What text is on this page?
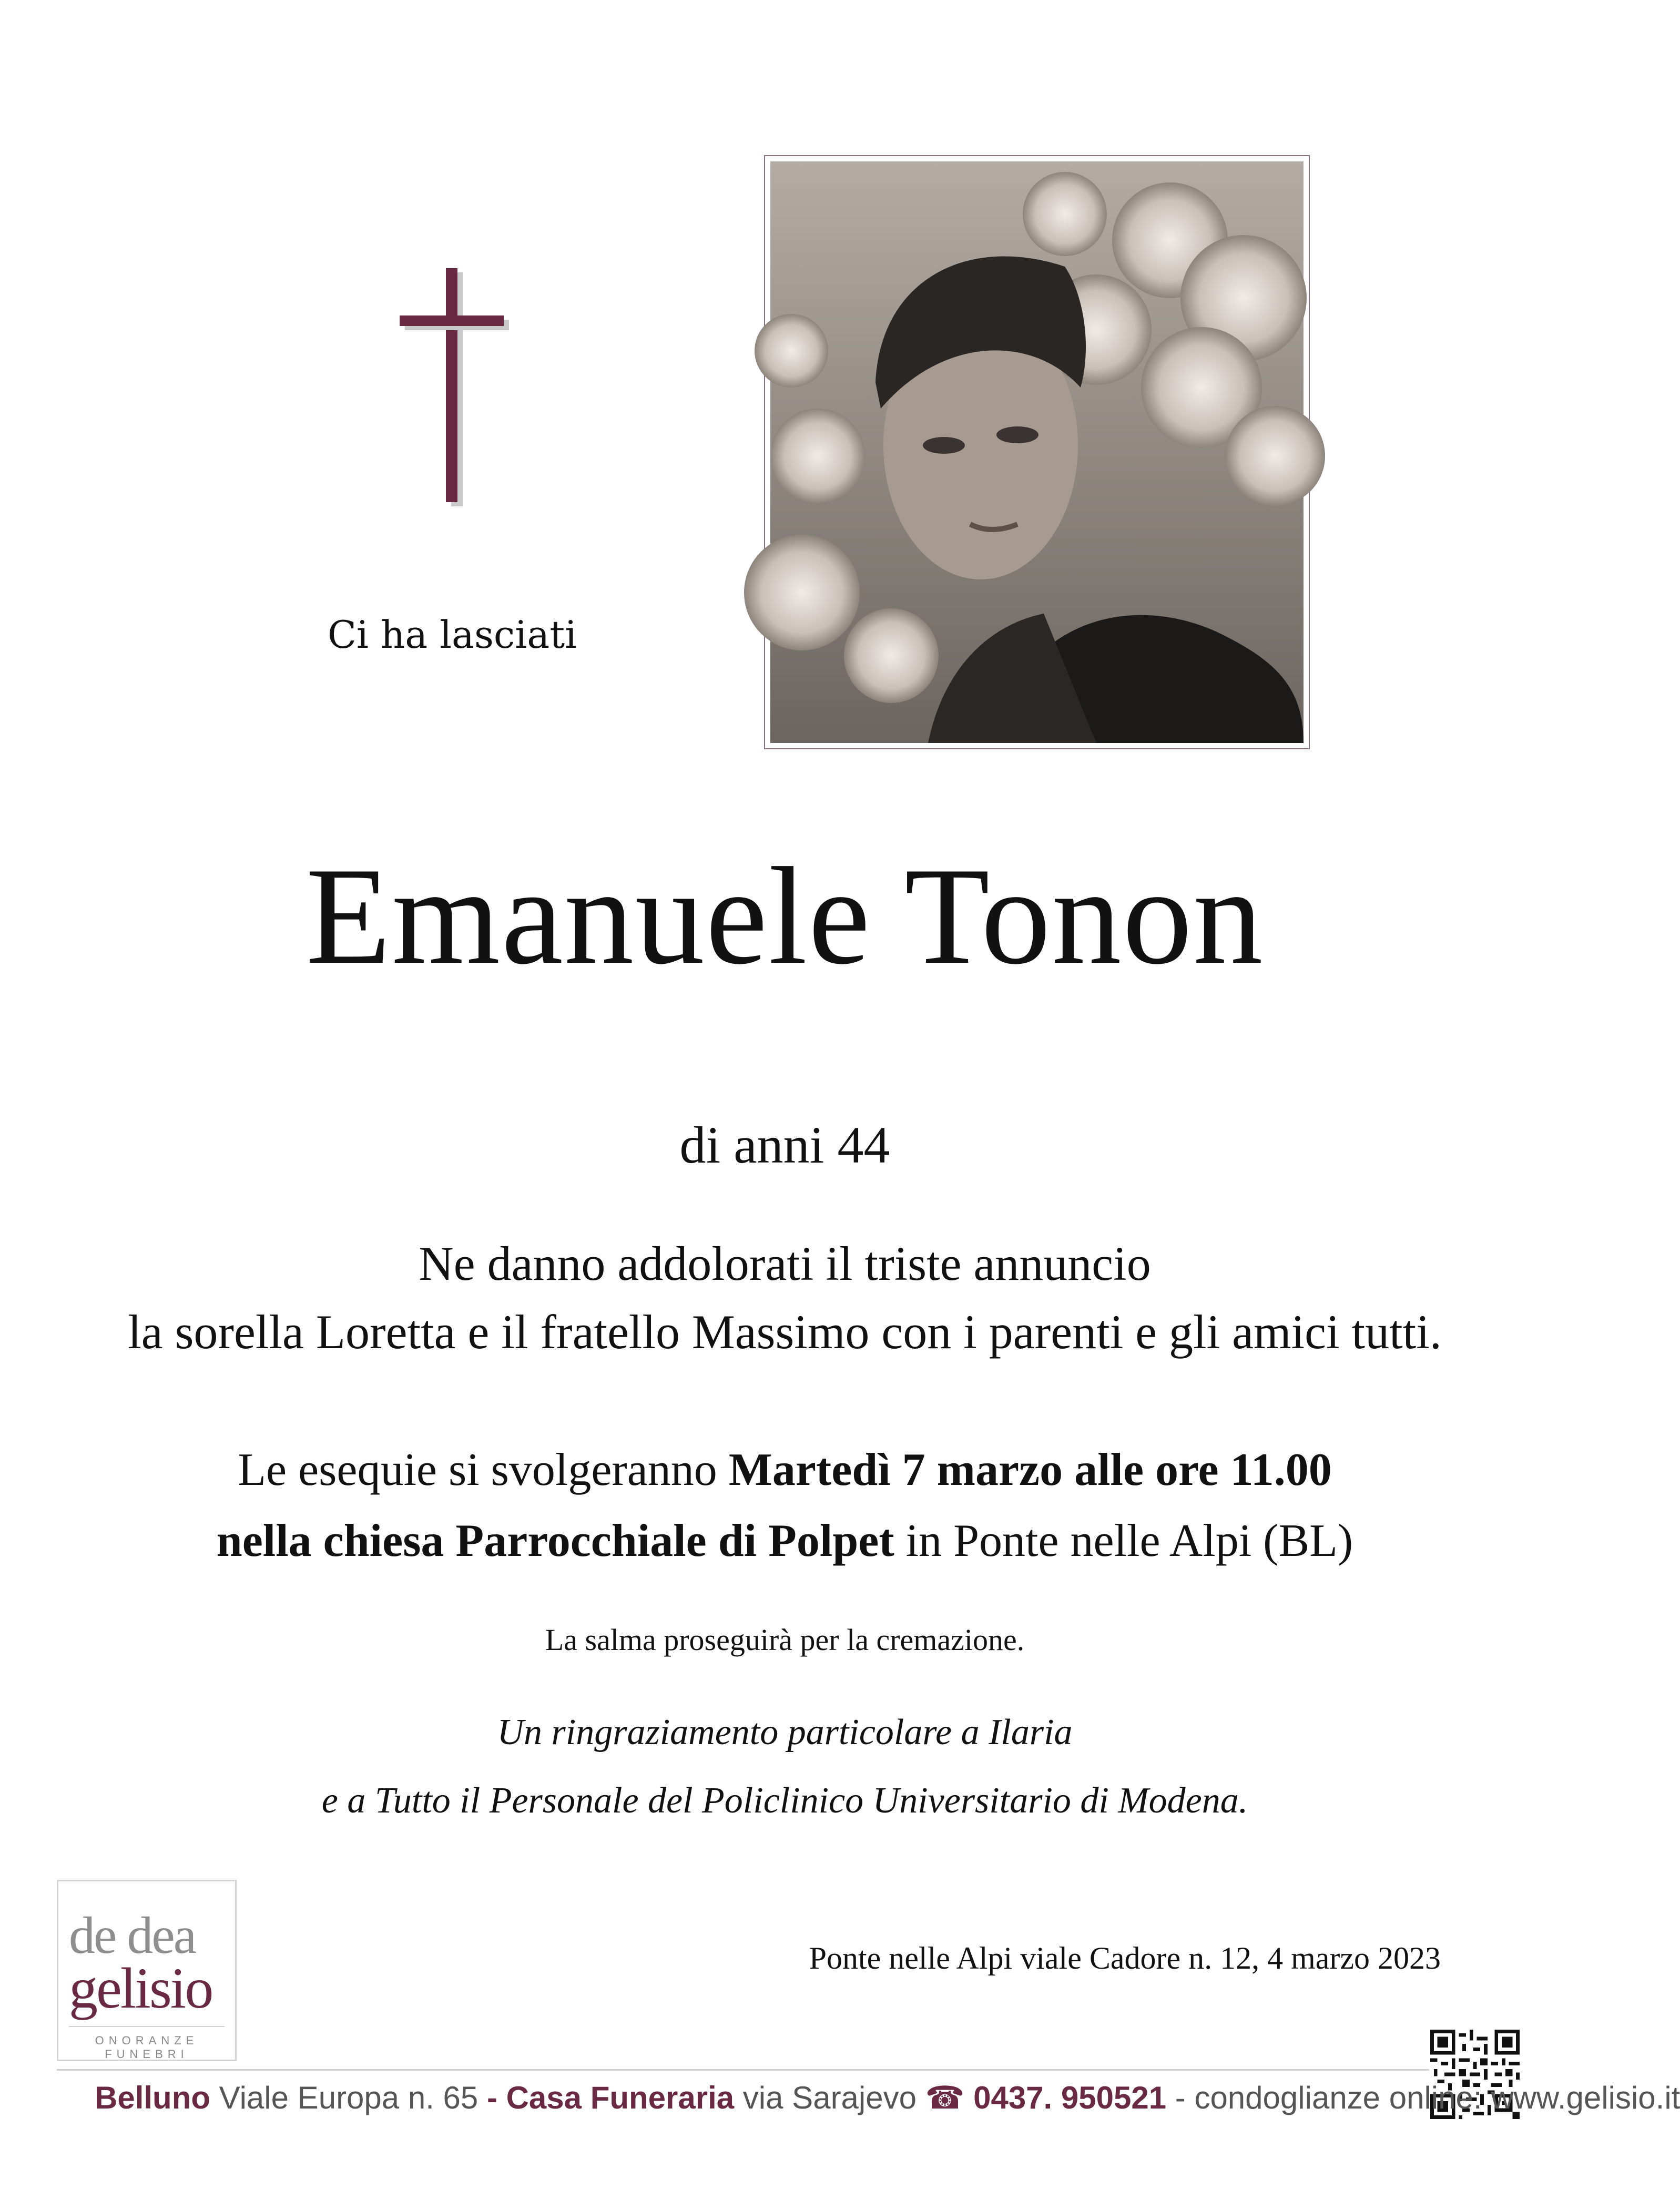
Ci ha lasciati
Emanuele Tonon
di anni 44
Ne danno addolorati il triste annuncio
la sorella Loretta e il fratello Massimo con i parenti e gli amici tutti.
Le esequie si svolgeranno Martedì 7 marzo alle ore 11.00
nella chiesa Parrocchiale di Polpet in Ponte nelle Alpi (BL)
La salma proseguirà per la cremazione.
Un ringraziamento particolare a Ilaria
e a Tutto il Personale del Policlinico Universitario di Modena.
Ponte nelle Alpi viale Cadore n. 12, 4 marzo 2023
de dea
gelisio
ONORANZE FUNEBRI
Belluno Viale Europa n. 65 - Casa Funeraria via Sarajevo ☎ 0437. 950521 - condoglianze online: www.gelisio.it
